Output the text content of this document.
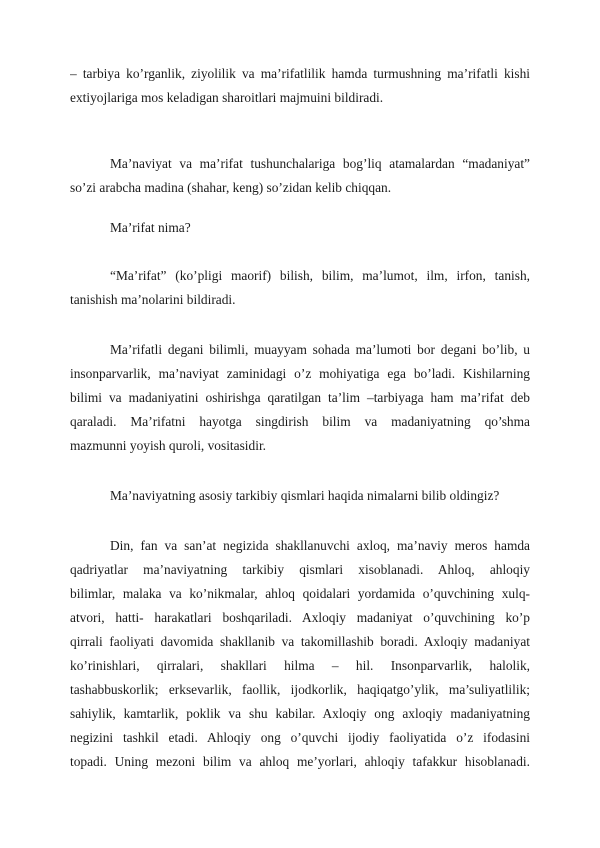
– tarbiya ko’rganlik, ziyolilik va ma’rifatlilik hamda turmushning ma’rifatli kishi
extiyojlariga mos keladigan sharoitlari majmuini bildiradi.
Ma’naviyat va ma’rifat tushunchalariga bog’liq atamalardan “madaniyat”
so’zi arabcha madina (shahar, keng) so’zidan kelib chiqqan.
Ma’rifat nima?
“Ma’rifat” (ko’pligi maorif) bilish, bilim, ma’lumot, ilm, irfon, tanish,
tanishish ma’nolarini bildiradi.
Ma’rifatli degani bilimli, muayyam sohada ma’lumoti bor degani bo’lib, u
insonparvarlik, ma’naviyat zaminidagi o’z mohiyatiga ega bo’ladi. Kishilarning
bilimi va madaniyatini oshirishga qaratilgan ta’lim –tarbiyaga ham ma’rifat deb
qaraladi. Ma’rifatni hayotga singdirish bilim va madaniyatning qo’shma
mazmunni yoyish quroli, vositasidir.
Ma’naviyatning asosiy tarkibiy qismlari haqida nimalarni bilib oldingiz?
Din, fan va san’at negizida shakllanuvchi axloq, ma’naviy meros hamda
qadriyatlar ma’naviyatning tarkibiy qismlari xisoblanadi. Ahloq, ahloqiy
bilimlar, malaka va ko’nikmalar, ahloq qoidalari yordamida o’quvchining xulq-
atvori, hatti- harakatlari boshqariladi. Axloqiy madaniyat o’quvchining ko’p
qirrali faoliyati davomida shakllanib va takomillashib boradi. Axloqiy madaniyat
ko’rinishlari, qirralari, shakllari hilma – hil. Insonparvarlik, halolik,
tashabbuskorlik; erksevarlik, faollik, ijodkorlik, haqiqatgo’ylik, ma’suliyatlilik;
sahiylik, kamtarlik, poklik va shu kabilar. Axloqiy ong axloqiy madaniyatning
negizini tashkil etadi. Ahloqiy ong o’quvchi ijodiy faoliyatida o’z ifodasini
topadi. Uning mezoni bilim va ahloq me’yorlari, ahloqiy tafakkur hisoblanadi.
